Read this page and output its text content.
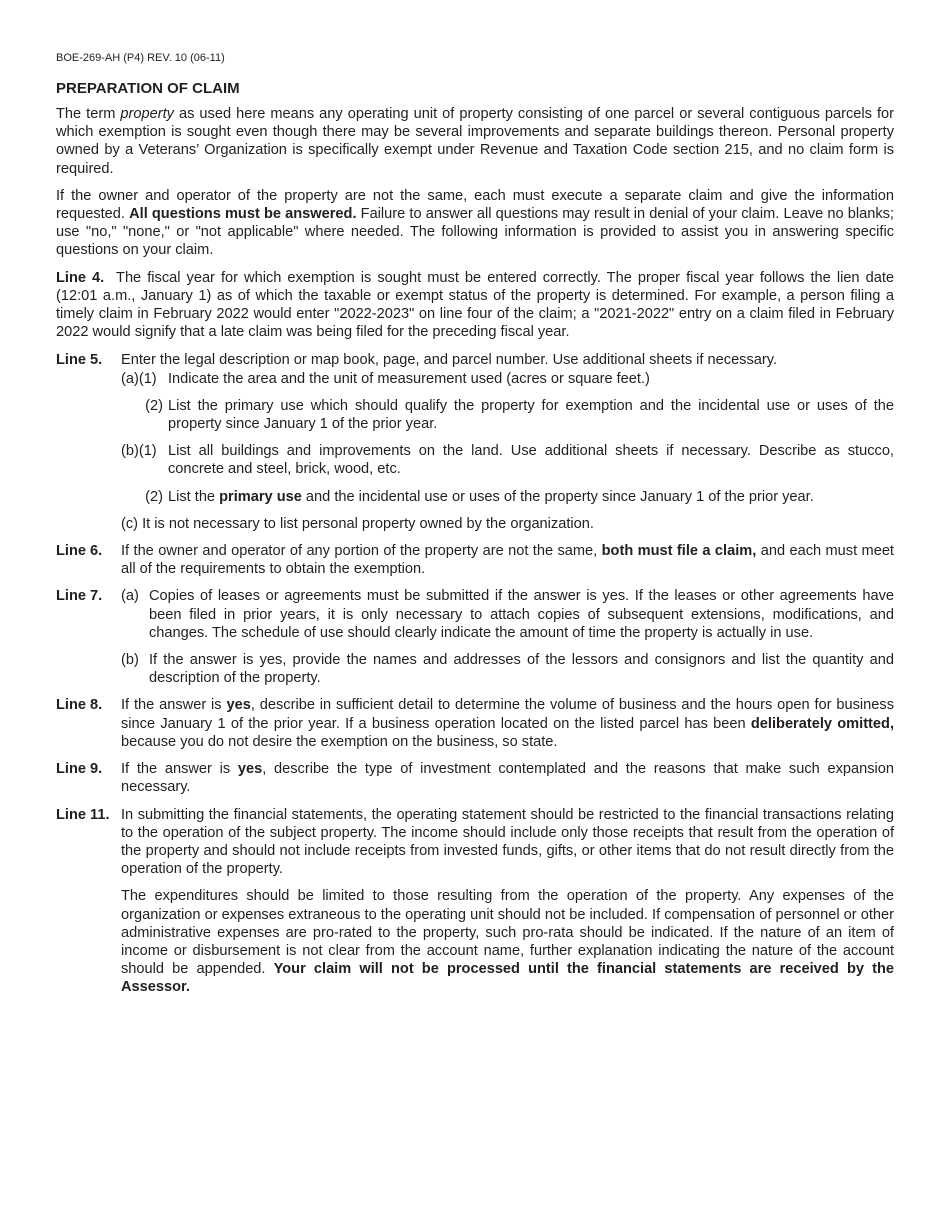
BOE-269-AH (P4) REV. 10 (06-11)
PREPARATION OF CLAIM

The term property as used here means any operating unit of property consisting of one parcel or several contiguous parcels for which exemption is sought even though there may be several improvements and separate buildings thereon. Personal property owned by a Veterans’ Organization is specifically exempt under Revenue and Taxation Code section 215, and no claim form is required.

If the owner and operator of the property are not the same, each must execute a separate claim and give the information requested. All questions must be answered. Failure to answer all questions may result in denial of your claim. Leave no blanks; use "no," "none," or "not applicable" where needed. The following information is provided to assist you in answering specific questions on your claim.

Line 4. The fiscal year for which exemption is sought must be entered correctly. The proper fiscal year follows the lien date (12:01 a.m., January 1) as of which the taxable or exempt status of the property is determined. For example, a person filing a timely claim in February 2022 would enter "2022-2023" on line four of the claim; a "2021-2022" entry on a claim filed in February 2022 would signify that a late claim was being filed for the preceding fiscal year.

Line 5.	Enter the legal description or map book, page, and parcel number. Use additional sheets if necessary.
(a)(1) Indicate the area and the unit of measurement used (acres or square feet.)
(2) List the primary use which should qualify the property for exemption and the incidental use or uses of the property since January 1 of the prior year.
(b)(1) List all buildings and improvements on the land. Use additional sheets if necessary. Describe as stucco, concrete and steel, brick, wood, etc.
(2) List the primary use and the incidental use or uses of the property since January 1 of the prior year.
(c) It is not necessary to list personal property owned by the organization.
Line 6.	If the owner and operator of any portion of the property are not the same, both must file a claim, and each must meet all of the requirements to obtain the exemption.
Line 7.	(a) Copies of leases or agreements must be submitted if the answer is yes. If the leases or other agreements have been filed in prior years, it is only necessary to attach copies of subsequent extensions, modifications, and changes. The schedule of use should clearly indicate the amount of time the property is actually in use.
(b) If the answer is yes, provide the names and addresses of the lessors and consignors and list the quantity and description of the property.
Line 8.	If the answer is yes, describe in sufficient detail to determine the volume of business and the hours open for business since January 1 of the prior year. If a business operation located on the listed parcel has been deliberately omitted, because you do not desire the exemption on the business, so state.
Line 9.	If the answer is yes, describe the type of investment contemplated and the reasons that make such expansion necessary.
Line 11. In submitting the financial statements, the operating statement should be restricted to the financial transactions relating to the operation of the subject property. The income should include only those receipts that result from the operation of the property and should not include receipts from invested funds, gifts, or other items that do not result directly from the operation of the property.
The expenditures should be limited to those resulting from the operation of the property. Any expenses of the organization or expenses extraneous to the operating unit should not be included. If compensation of personnel or other administrative expenses are pro-rated to the property, such pro-rata should be indicated. If the nature of an item of income or disbursement is not clear from the account name, further explanation indicating the nature of the account should be appended. Your claim will not be processed until the financial statements are received by the Assessor.
